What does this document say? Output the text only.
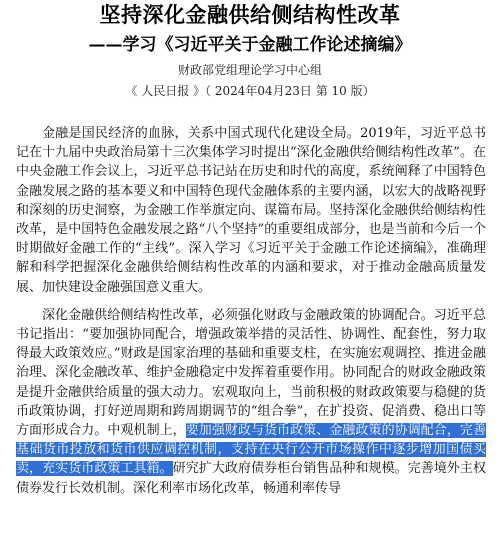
坚持深化金融供给侧结构性改革
——学习《习近平关于金融工作论述摘编》
财政部党组理论学习中心组
《 人民日报 》（ 2024年04月23日 第 10 版）

金融是国民经济的血脉，关系中国式现代化建设全局。2019年，习近平总书记在十九届中央政治局第十三次集体学习时提出“深化金融供给侧结构性改革”。在中央金融工作会议上，习近平总书记站在历史和时代的高度，系统阐释了中国特色金融发展之路的基本要义和中国特色现代金融体系的主要内涵，以宏大的战略视野和深刻的历史洞察，为金融工作举旗定向、谋篇布局。坚持深化金融供给侧结构性改革，是中国特色金融发展之路“八个坚持”的重要组成部分，也是当前和今后一个时期做好金融工作的“主线”。深入学习《习近平关于金融工作论述摘编》，准确理解和科学把握深化金融供给侧结构性改革的内涵和要求，对于推动金融高质量发展、加快建设金融强国意义重大。

深化金融供给侧结构性改革，必须强化财政与金融政策的协调配合。习近平总书记指出：“要加强协同配合，增强政策举措的灵活性、协调性、配套性，努力取得最大政策效应。”财政是国家治理的基础和重要支柱，在实施宏观调控、推进金融治理、深化金融改革、维护金融稳定中发挥着重要作用。协同配合的财政金融政策是提升金融供给质量的强大动力。宏观取向上，当前积极的财政政策要与稳健的货币政策协调，打好逆周期和跨周期调节的“组合拳”，在扩投资、促消费、稳出口等方面形成合力。中观机制上，要加强财政与货币政策、金融政策的协调配合，完善基础货币投放和货币供应调控机制，支持在央行公开市场操作中逐步增加国债买卖，充实货币政策工具箱。研究扩大政府债券柜台销售品种和规模。完善境外主权债券发行长效机制。深化利率市场化改革，畅通利率传导
